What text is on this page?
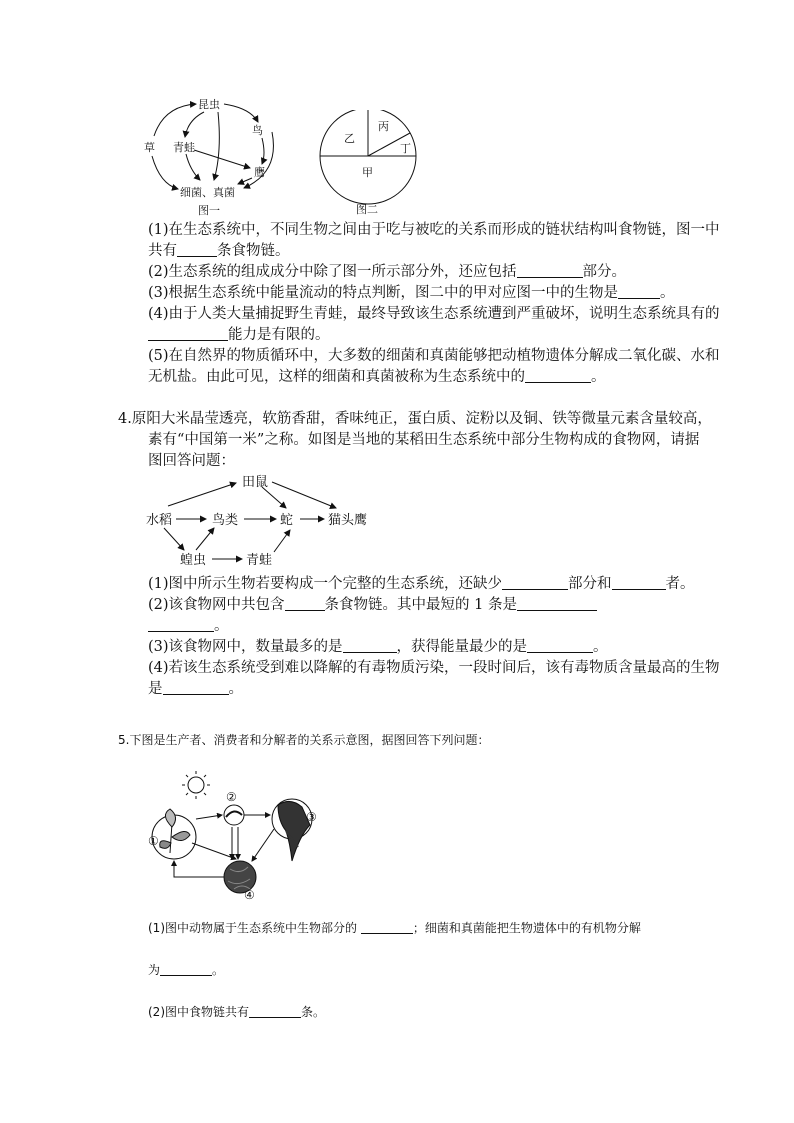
昆虫
草 青蛙
鸟
鹰
细菌、真菌
图一
乙
丙
丁
甲
图二
(1)在生态系统中，不同生物之间由于吃与被吃的关系而形成的链状结构叫食物链，图一中
共有	条食物链。
(2)生态系统的组成成分中除了图一所示部分外，还应包括	部分。
(3)根据生态系统中能量流动的特点判断，图二中的甲对应图一中的生物是	。
(4)由于人类大量捕捉野生青蛙，最终导致该生态系统遭到严重破坏，说明生态系统具有的
能力是有限的。
(5)在自然界的物质循环中，大多数的细菌和真菌能够把动植物遗体分解成二氧化碳、水和
无机盐。由此可见，这样的细菌和真菌被称为生态系统中的	。
4.原阳大米晶莹透亮，软筋香甜，香味纯正，蛋白质、淀粉以及铜、铁等微量元素含量较高，
素有“中国第一米”之称。如图是当地的某稻田生态系统中部分生物构成的食物网，请据
图回答问题：
水稻
田鼠
鸟类	蛇	猫头鹰
蝗虫	青蛙
(1)图中所示生物若要构成一个完整的生态系统，还缺少	部分和	者。
(2)该食物网中共包含	条食物链。其中最短的 1 条是
。
(3)该食物网中，数量最多的是	，获得能量最少的是	。
(4)若该生态系统受到难以降解的有毒物质污染，一段时间后，该有毒物质含量最高的生物
是	。
5.下图是生产者、消费者和分解者的关系示意图，据图回答下列问题：
①
②
③
④
(1)图中动物属于生态系统中生物部分的	；细菌和真菌能把生物遗体中的有机物分解
为	。
(2)图中食物链共有	条。
